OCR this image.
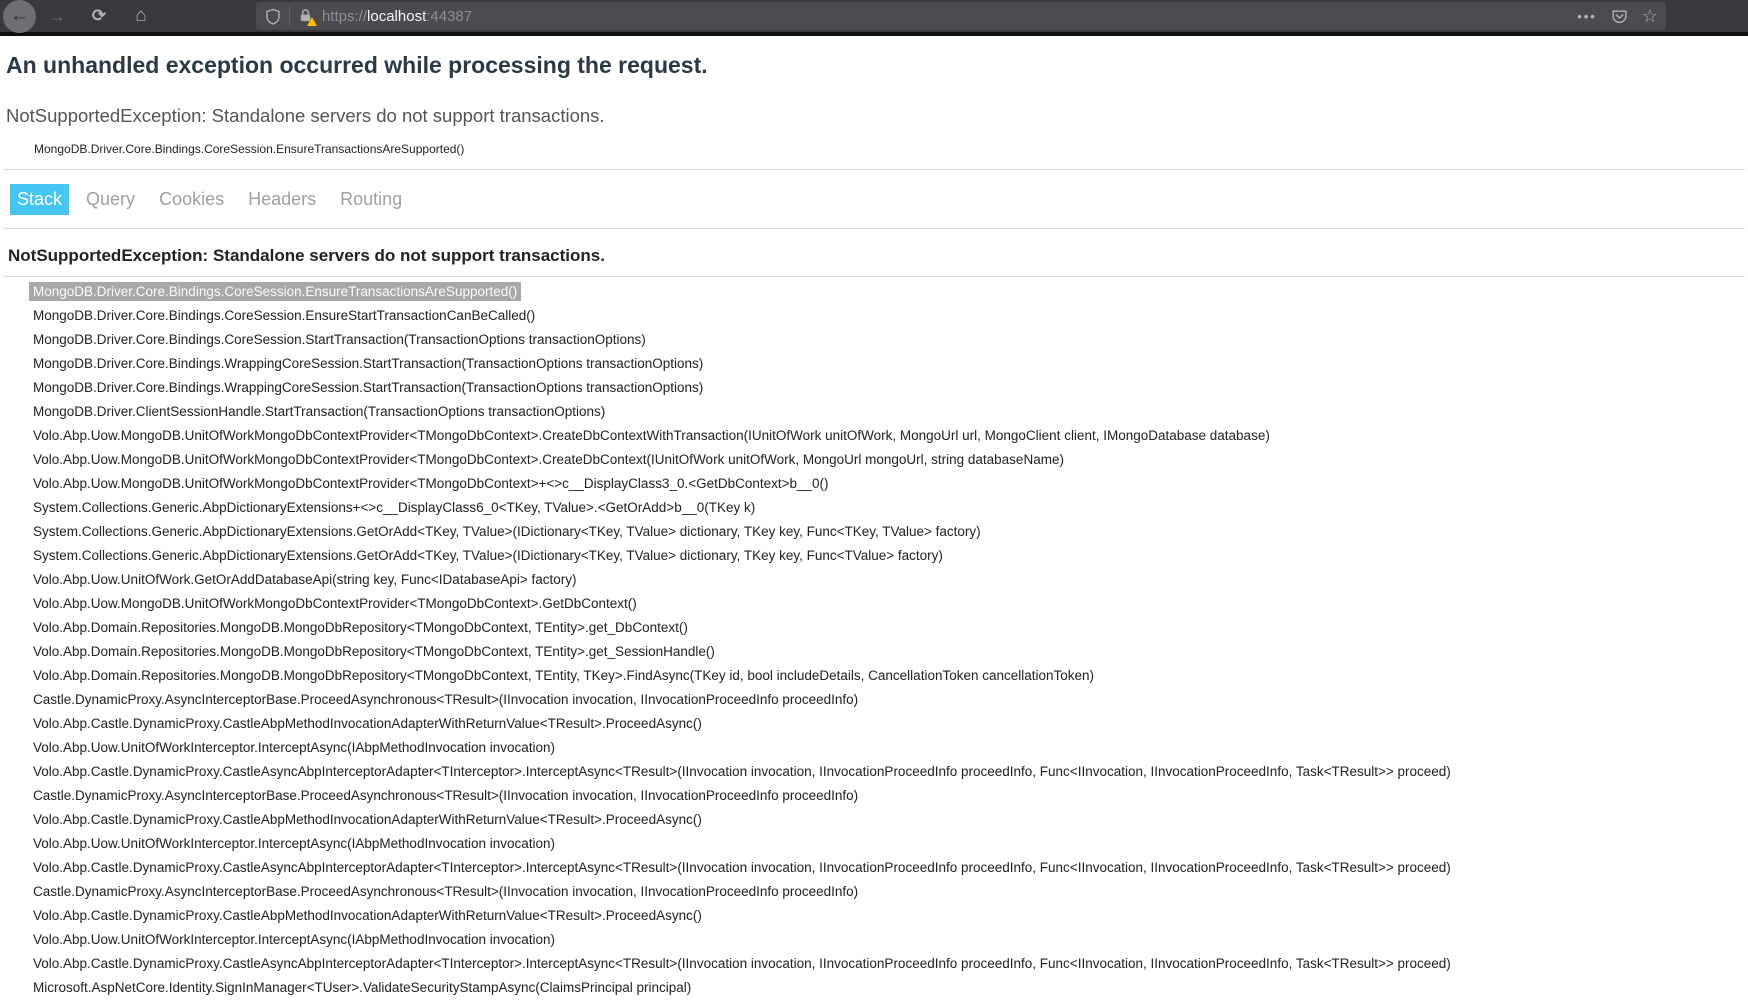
← → ⟳ ⌂	https://localhost:44387	•••	☆
An unhandled exception occurred while processing the request.
NotSupportedException: Standalone servers do not support transactions.
MongoDB.Driver.Core.Bindings.CoreSession.EnsureTransactionsAreSupported()
Stack Query Cookies Headers Routing
NotSupportedException: Standalone servers do not support transactions.
MongoDB.Driver.Core.Bindings.CoreSession.EnsureTransactionsAreSupported()
MongoDB.Driver.Core.Bindings.CoreSession.EnsureStartTransactionCanBeCalled()
MongoDB.Driver.Core.Bindings.CoreSession.StartTransaction(TransactionOptions transactionOptions)
MongoDB.Driver.Core.Bindings.WrappingCoreSession.StartTransaction(TransactionOptions transactionOptions)
MongoDB.Driver.Core.Bindings.WrappingCoreSession.StartTransaction(TransactionOptions transactionOptions)
MongoDB.Driver.ClientSessionHandle.StartTransaction(TransactionOptions transactionOptions)
Volo.Abp.Uow.MongoDB.UnitOfWorkMongoDbContextProvider<TMongoDbContext>.CreateDbContextWithTransaction(IUnitOfWork unitOfWork, MongoUrl url, MongoClient client, IMongoDatabase database)
Volo.Abp.Uow.MongoDB.UnitOfWorkMongoDbContextProvider<TMongoDbContext>.CreateDbContext(IUnitOfWork unitOfWork, MongoUrl mongoUrl, string databaseName)
Volo.Abp.Uow.MongoDB.UnitOfWorkMongoDbContextProvider<TMongoDbContext>+<>c__DisplayClass3_0.<GetDbContext>b__0()
System.Collections.Generic.AbpDictionaryExtensions+<>c__DisplayClass6_0<TKey, TValue>.<GetOrAdd>b__0(TKey k)
System.Collections.Generic.AbpDictionaryExtensions.GetOrAdd<TKey, TValue>(IDictionary<TKey, TValue> dictionary, TKey key, Func<TKey, TValue> factory)
System.Collections.Generic.AbpDictionaryExtensions.GetOrAdd<TKey, TValue>(IDictionary<TKey, TValue> dictionary, TKey key, Func<TValue> factory)
Volo.Abp.Uow.UnitOfWork.GetOrAddDatabaseApi(string key, Func<IDatabaseApi> factory)
Volo.Abp.Uow.MongoDB.UnitOfWorkMongoDbContextProvider<TMongoDbContext>.GetDbContext()
Volo.Abp.Domain.Repositories.MongoDB.MongoDbRepository<TMongoDbContext, TEntity>.get_DbContext()
Volo.Abp.Domain.Repositories.MongoDB.MongoDbRepository<TMongoDbContext, TEntity>.get_SessionHandle()
Volo.Abp.Domain.Repositories.MongoDB.MongoDbRepository<TMongoDbContext, TEntity, TKey>.FindAsync(TKey id, bool includeDetails, CancellationToken cancellationToken)
Castle.DynamicProxy.AsyncInterceptorBase.ProceedAsynchronous<TResult>(IInvocation invocation, IInvocationProceedInfo proceedInfo)
Volo.Abp.Castle.DynamicProxy.CastleAbpMethodInvocationAdapterWithReturnValue<TResult>.ProceedAsync()
Volo.Abp.Uow.UnitOfWorkInterceptor.InterceptAsync(IAbpMethodInvocation invocation)
Volo.Abp.Castle.DynamicProxy.CastleAsyncAbpInterceptorAdapter<TInterceptor>.InterceptAsync<TResult>(IInvocation invocation, IInvocationProceedInfo proceedInfo, Func<IInvocation, IInvocationProceedInfo, Task<TResult>> proceed)
Castle.DynamicProxy.AsyncInterceptorBase.ProceedAsynchronous<TResult>(IInvocation invocation, IInvocationProceedInfo proceedInfo)
Volo.Abp.Castle.DynamicProxy.CastleAbpMethodInvocationAdapterWithReturnValue<TResult>.ProceedAsync()
Volo.Abp.Uow.UnitOfWorkInterceptor.InterceptAsync(IAbpMethodInvocation invocation)
Volo.Abp.Castle.DynamicProxy.CastleAsyncAbpInterceptorAdapter<TInterceptor>.InterceptAsync<TResult>(IInvocation invocation, IInvocationProceedInfo proceedInfo, Func<IInvocation, IInvocationProceedInfo, Task<TResult>> proceed)
Castle.DynamicProxy.AsyncInterceptorBase.ProceedAsynchronous<TResult>(IInvocation invocation, IInvocationProceedInfo proceedInfo)
Volo.Abp.Castle.DynamicProxy.CastleAbpMethodInvocationAdapterWithReturnValue<TResult>.ProceedAsync()
Volo.Abp.Uow.UnitOfWorkInterceptor.InterceptAsync(IAbpMethodInvocation invocation)
Volo.Abp.Castle.DynamicProxy.CastleAsyncAbpInterceptorAdapter<TInterceptor>.InterceptAsync<TResult>(IInvocation invocation, IInvocationProceedInfo proceedInfo, Func<IInvocation, IInvocationProceedInfo, Task<TResult>> proceed)
Microsoft.AspNetCore.Identity.SignInManager<TUser>.ValidateSecurityStampAsync(ClaimsPrincipal principal)
